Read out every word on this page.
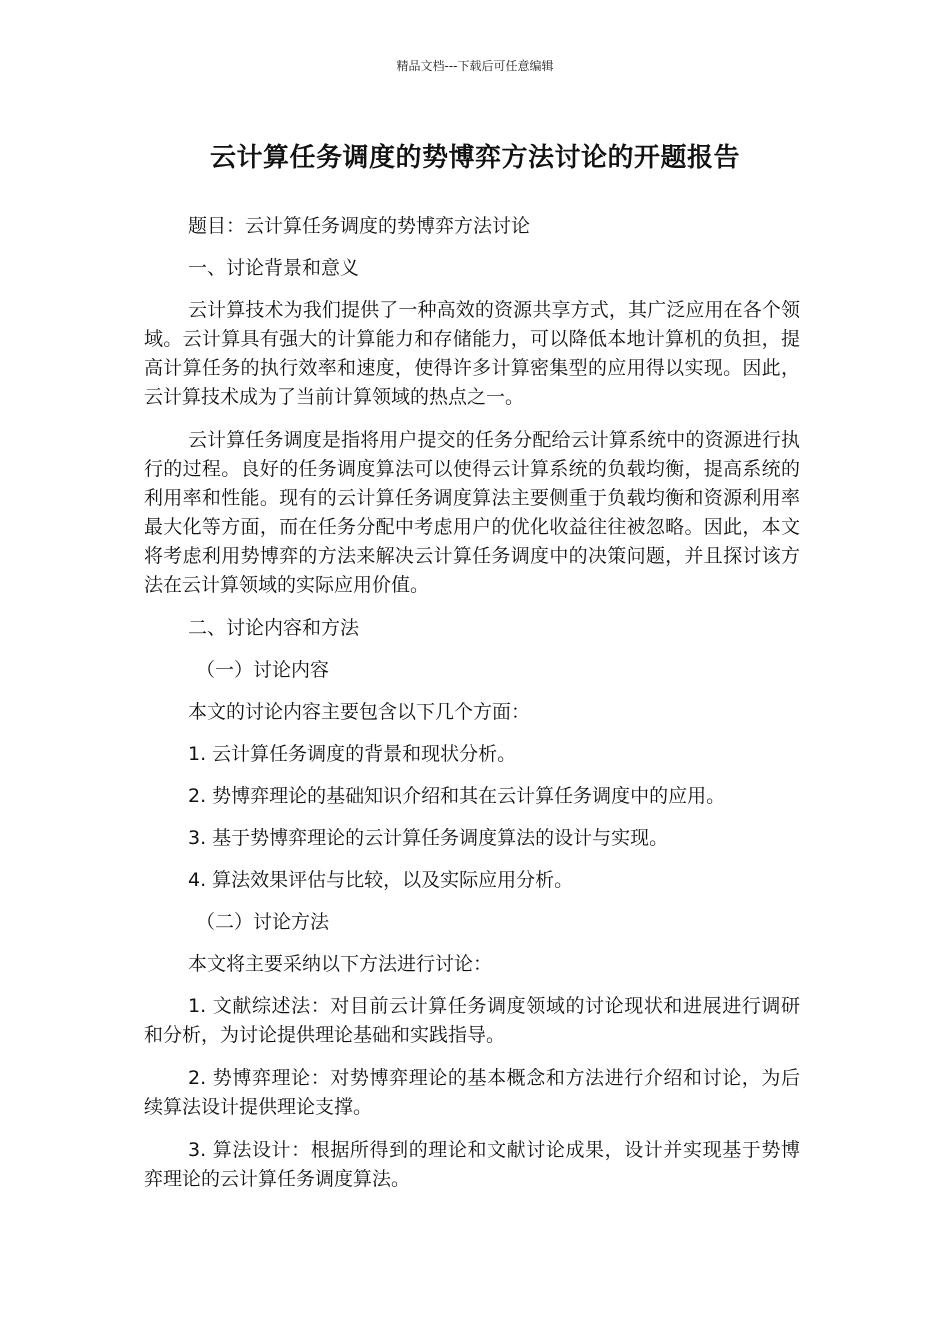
精品文档---下载后可任意编辑
云计算任务调度的势博弈方法讨论的开题报告

题目：云计算任务调度的势博弈方法讨论

一、讨论背景和意义

云计算技术为我们提供了一种高效的资源共享方式，其广泛应用在各个领域。云计算具有强大的计算能力和存储能力，可以降低本地计算机的负担，提高计算任务的执行效率和速度，使得许多计算密集型的应用得以实现。因此，云计算技术成为了当前计算领域的热点之一。

云计算任务调度是指将用户提交的任务分配给云计算系统中的资源进行执行的过程。良好的任务调度算法可以使得云计算系统的负载均衡，提高系统的利用率和性能。现有的云计算任务调度算法主要侧重于负载均衡和资源利用率最大化等方面，而在任务分配中考虑用户的优化收益往往被忽略。因此，本文将考虑利用势博弈的方法来解决云计算任务调度中的决策问题，并且探讨该方法在云计算领域的实际应用价值。

二、讨论内容和方法

（一）讨论内容

本文的讨论内容主要包含以下几个方面：

1. 云计算任务调度的背景和现状分析。

2. 势博弈理论的基础知识介绍和其在云计算任务调度中的应用。

3. 基于势博弈理论的云计算任务调度算法的设计与实现。

4. 算法效果评估与比较，以及实际应用分析。

（二）讨论方法

本文将主要采纳以下方法进行讨论：

1. 文献综述法：对目前云计算任务调度领域的讨论现状和进展进行调研和分析，为讨论提供理论基础和实践指导。

2. 势博弈理论：对势博弈理论的基本概念和方法进行介绍和讨论，为后续算法设计提供理论支撑。

3. 算法设计：根据所得到的理论和文献讨论成果，设计并实现基于势博弈理论的云计算任务调度算法。
